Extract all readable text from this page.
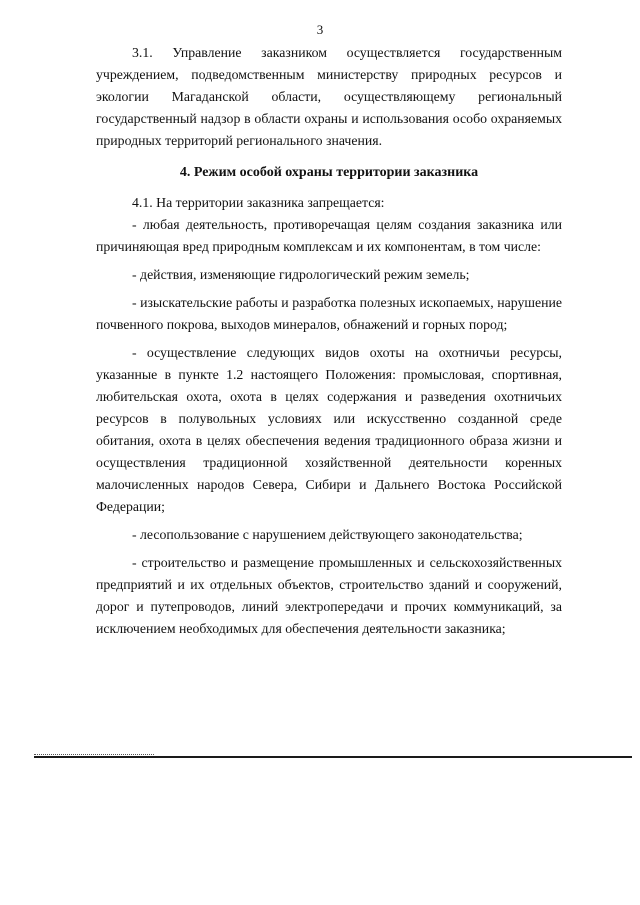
3

3.1. Управление заказником осуществляется государственным учреждением, подведомственным министерству природных ресурсов и экологии Магаданской области, осуществляющему региональный государственный надзор в области охраны и использования особо охраняемых природных территорий регионального значения.

4. Режим особой охраны территории заказника

4.1. На территории заказника запрещается:

- любая деятельность, противоречащая целям создания заказника или причиняющая вред природным комплексам и их компонентам, в том числе:

- действия, изменяющие гидрологический режим земель;

- изыскательские работы и разработка полезных ископаемых, нарушение почвенного покрова, выходов минералов, обнажений и горных пород;

- осуществление следующих видов охоты на охотничьи ресурсы, указанные в пункте 1.2 настоящего Положения: промысловая, спортивная, любительская охота, охота в целях содержания и разведения охотничьих ресурсов в полувольных условиях или искусственно созданной среде обитания, охота в целях обеспечения ведения традиционного образа жизни и осуществления традиционной хозяйственной деятельности коренных малочисленных народов Севера, Сибири и Дальнего Востока Российской Федерации;

- лесопользование с нарушением действующего законодательства;

- строительство и размещение промышленных и сельскохозяйственных предприятий и их отдельных объектов, строительство зданий и сооружений, дорог и путепроводов, линий электропередачи и прочих коммуникаций, за исключением необходимых для обеспечения деятельности заказника;
